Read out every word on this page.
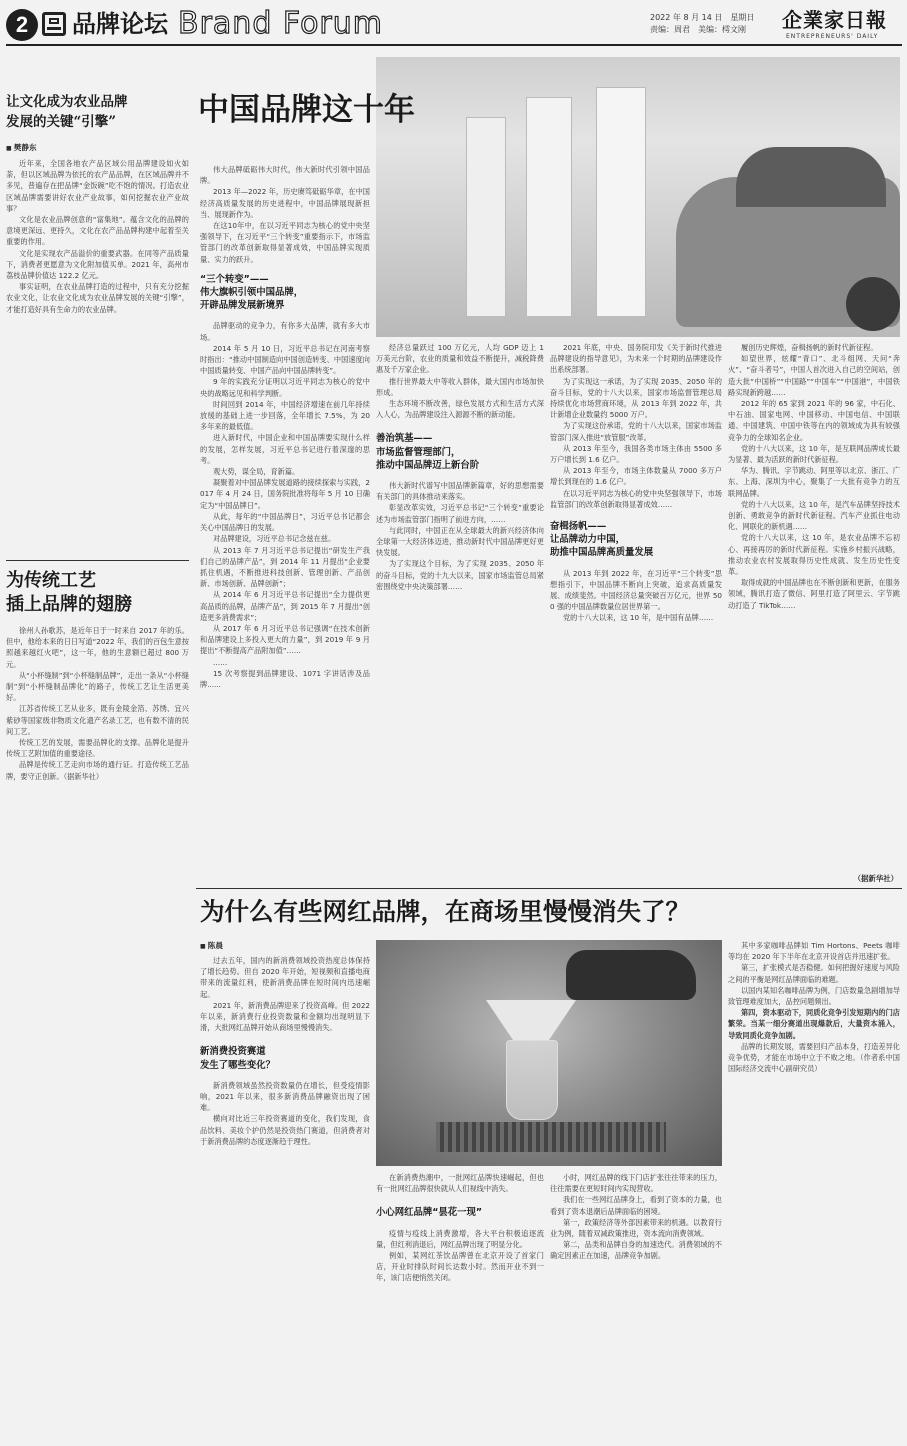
2	品牌论坛 Brand Forum	2022 年 8 月 14 日　星期日
责编：周君　美编：樗文刚 企業家日報
ENTREPRENEURS' DAILY
中国品牌这十年
让文化成为农业品牌
发展的关键“引擎”
■ 樊静东

近年来，全国各地农产品区域公用品牌建设如火如荼，但以区域品牌为依托的农产品品牌，在区域品牌并不多见，普遍存在把品牌“金饭碗”吃不饱的情况。打造农业区域品牌需要讲好农业产业故事，如何挖掘农业产业故事？

文化是农业品牌创意的“富集地”。蕴含文化的品牌的意境更深远、更持久，文化在农产品品牌构建中起着至关重要的作用。

文化是实现农产品溢价的重要武器。在同等产品质量下，消费者更愿意为文化附加值买单。2021 年，高州市荔枝品牌价值达 122.2 亿元。

事实证明，在农业品牌打造的过程中，只有充分挖掘农业文化，让农业文化成为农业品牌发展的关键“引擎”，才能打造好具有生命力的农业品牌。

为传统工艺
插上品牌的翅膀

徐州人孙歌苏，是近年日于一时来自 2017 年的乐。但中，他给本来的日日写道“2022 年，我们的百包生意按照越来越红火吧”，这一年，他的生意额已超过 800 万元。

从“小杯缝制”到“小杯缝制品牌”，走出一条从“小杯缝制”到“小杯缝制品牌化”的路子，传统工艺让生活更美好。

江苏省传统工艺从业多，既有金陵金箔、苏绣、宜兴紫砂等国家级非物质文化遗产名录工艺，也有数不清的民间工艺。

传统工艺的发展，需要品牌化的支撑。品牌化是提升传统工艺附加值的重要途径。

品牌是传统工艺走向市场的通行证。打造传统工艺品牌，要守正创新。（据新华社）

伟大品牌砥砺伟大时代，伟大新时代引领中国品牌。

2013 年—2022 年，历史赓笃砥砺华章，在中国经济高质量发展的历史进程中，中国品牌展现新担当、展现新作为。

在这10年中，在以习近平同志为核心的党中央坚强领导下，在习近平“三个转变”重要指示下，市场监管部门的改革创新取得显著成效，中国品牌实现质量、实力的跃升。

“三个转变”——
伟大旗帜引领中国品牌，
开辟品牌发展新境界

品牌驱动的竞争力，有你多大品牌，就有多大市场。

2014 年 5 月 10 日，习近平总书记在河南考察时指出：“推动中国制造向中国创造转变、中国速度向中国质量转变、中国产品向中国品牌转变”。

9 年的实践充分证明以习近平同志为核心的党中央的战略远见和科学判断。

时间回到 2014 年，中国经济增速在前几年持续放缓的基础上进一步回落，全年增长 7.5%，为 20 多年来的最低值。

进入新时代，中国企业和中国品牌要实现什么样的发展，怎样发展，习近平总书记进行着深邃的思考。

观大势，谋全局，育新篇。

凝聚着对中国品牌发展道路的接续探索与实践，2017 年 4 月 24 日，国务院批准将每年 5 月 10 日确定为“中国品牌日”。

从此，每年的“中国品牌日”，习近平总书记都会关心中国品牌日的发展。

对品牌建设，习近平总书记念兹在兹。

从 2013 年 7 月习近平总书记提出“研发生产我们自己的品牌产品”，到 2014 年 11 月提出“企业要抓住机遇，不断推进科技创新、管理创新、产品创新、市场创新、品牌创新”；

从 2014 年 6 月习近平总书记提出“全力提供更高品质的品牌，品牌产品”，到 2015 年 7 月提出“创造更多消费需求”；

从 2017 年 6 月习近平总书记强调“在技术创新和品牌建设上多投入更大的力量”，到 2019 年 9 月提出“不断提高产品附加值”……

……

15 次考察提到品牌建设、1071 字讲话涉及品牌......

经济总量跃过 100 万亿元，人均 GDP 迈上 1 万美元台阶，农业的质量和效益不断提升，减税降费惠及千万家企业。

推行世界最大中等收入群体，最大国内市场加快形成。

生态环境不断改善，绿色发展方式和生活方式深入人心，为品牌建设注入源源不断的新动能。

善治筑基——
市场监督管理部门，
推动中国品牌迈上新台阶

伟大新时代谱写中国品牌新篇章，好的思想需要有关部门的具体推动来落实。

彰显改革实效，习近平总书记“三个转变”重要论述为市场监管部门指明了前进方向，……

与此同时，中国正在从全球最大的新兴经济体向全球第一大经济体迈进，推动新时代中国品牌更好更快发展。

为了实现这个目标，为了实现 2035、2050 年的奋斗目标，党的十九大以来，国家市场监管总局紧密围绕党中央决策部署……

2021 年底，中央、国务院印发《关于新时代推进品牌建设的指导意见》，为未来一个时期的品牌建设作出系统部署。

为了实现这一承诺，为了实现 2035、2050 年的奋斗目标，党的十八大以来，国家市场监督管理总局持续优化市场营商环境，从 2013 年到 2022 年，共计新增企业数量约 5000 万户。

为了实现这份承诺，党的十八大以来，国家市场监管部门深入推进“放管服”改革。

从 2013 年至今，我国各类市场主体由 5500 多万户增长到 1.6 亿户。

从 2013 年至今，市场主体数量从 7000 多万户增长到现在的 1.6 亿户。

在以习近平同志为核心的党中央坚强领导下，市场监管部门的改革创新取得显著成效……

奋楫扬帆——
让品牌动力中国，
助推中国品牌高质量发展

从 2013 年到 2022 年，在习近平“三个转变”思想指引下，中国品牌不断向上突破，追求高质量发展、成绩斐然。中国经济总量突破百万亿元，世界 500 强的中国品牌数量位居世界第一。

党的十八大以来，这 10 年，是中国有品牌……

履创历史辉煌，奋楫扬帆的新时代新征程。

如望世界，炫耀“青口”、北斗组网、天问“奔火”、“奋斗者号”，中国人首次进入自己的空间站，创造大批“中国桥”“中国路”“中国车”“中国港”，中国铁路实现新跨越……

2012 年的 65 家到 2021 年的 96 家，中石化、中石油、国家电网、中国移动、中国电信、中国联通、中国建筑、中国中铁等在内的领域成为具有较强竞争力的全球知名企业。

党的十八大以来，这 10 年，是互联网品牌成长最为显著、最为活跃的新时代新征程。

华为、腾讯、字节跳动、阿里等以北京、浙江、广东、上海、深圳为中心，聚集了一大批有竞争力的互联网品牌。

党的十八大以来，这 10 年，是汽车品牌坚持技术创新、勇敢竞争的新时代新征程。汽车产业抓住电动化、网联化的新机遇……

党的十八大以来，这 10 年，是农业品牌不忘初心、再接再厉的新时代新征程。实施乡村振兴战略，推动农业农村发展取得历史性成就、发生历史性变革。

取得成就的中国品牌也在不断创新和更新，在服务领域，腾讯打造了微信、阿里打造了阿里云、字节跳动打造了 TikTok……

（据新华社）
为什么有些网红品牌，在商场里慢慢消失了？
■ 陈晨

过去五年，国内的新消费领域投资热度总体保持了增长趋势。但自 2020 年开始，短视频和直播电商带来的流量红利，使新消费品牌在短时间内迅速崛起。

2021 年，新消费品牌迎来了投资高峰。但 2022 年以来，新消费行业投资数量和金额均出现明显下滑，大批网红品牌开始从商场里慢慢消失。

新消费投资赛道
发生了哪些变化？

新消费领域虽然投资数量仍在增长，但受疫情影响，2021 年以来，很多新消费品牌融资出现了困难。

横向对比近三年投资赛道的变化，我们发现，食品饮料、美妆个护仍然是投资热门赛道，但消费者对于新消费品牌的态度逐渐趋于理性。

在新消费热潮中，一批网红品牌快速崛起，但也有一批网红品牌很快就从人们视线中消失。

小心网红品牌“昙花一现”

疫情与疫线上消费激增，各大平台积极追逐流量，但红利消退后，网红品牌出现了明显分化。

例如，某网红茶饮品牌曾在北京开设了首家门店，开业时排队时间长达数小时。然而开业不到一年，该门店便悄然关闭。

小时，网红品牌的线下门店扩张往往带来的压力，往往需要在更短时间内实现营收。

我们在一些网红品牌身上，看到了资本的力量，也看到了资本退潮后品牌面临的困境。

第一，政策经济等外部因素带来的机遇。以教育行业为例，随着双减政策推进，资本流向消费领域。

第二，品类和品牌自身的加速迭代。消费领域的不确定因素正在加速，品牌竞争加剧。

其中多家咖啡品牌如 Tim Hortons、Peets 咖啡等均在 2020 年下半年在北京开设首店并迅速扩张。

第三，扩张模式是否稳健。如何把握好速度与风险之间的平衡是网红品牌面临的难题。

以国内某知名咖啡品牌为例，门店数量急剧增加导致管理难度加大，品控问题频出。

第四，资本驱动下，同质化竞争引发短期内的门店繁荣。当某一细分赛道出现爆款后，大量资本涌入，导致同质化竞争加剧。

品牌的长期发展，需要回归产品本身，打造差异化竞争优势，才能在市场中立于不败之地。（作者系中国国际经济交流中心副研究员）
